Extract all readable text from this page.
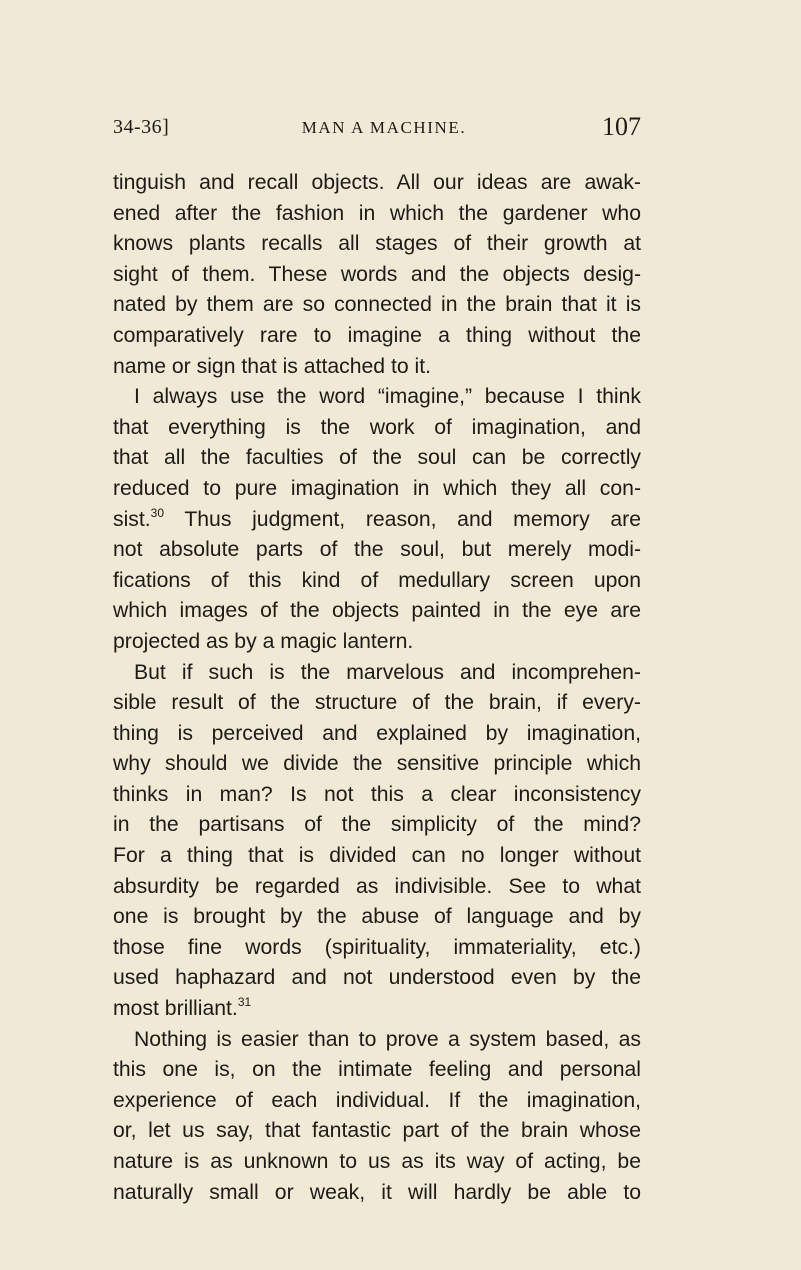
34-36]	MAN A MACHINE.	107
tinguish and recall objects. All our ideas are awak-
ened after the fashion in which the gardener who
knows plants recalls all stages of their growth at
sight of them. These words and the objects desig-
nated by them are so connected in the brain that it is
comparatively rare to imagine a thing without the
name or sign that is attached to it.
I always use the word “imagine,” because I think
that everything is the work of imagination, and
that all the faculties of the soul can be correctly
reduced to pure imagination in which they all con-
sist.$^{30}$ Thus judgment, reason, and memory are
not absolute parts of the soul, but merely modi-
fications of this kind of medullary screen upon
which images of the objects painted in the eye are
projected as by a magic lantern.
But if such is the marvelous and incomprehen-
sible result of the structure of the brain, if every-
thing is perceived and explained by imagination,
why should we divide the sensitive principle which
thinks in man? Is not this a clear inconsistency
in the partisans of the simplicity of the mind?
For a thing that is divided can no longer without
absurdity be regarded as indivisible. See to what
one is brought by the abuse of language and by
those fine words (spirituality, immateriality, etc.)
used haphazard and not understood even by the
most brilliant.$^{31}$
Nothing is easier than to prove a system based, as
this one is, on the intimate feeling and personal
experience of each individual. If the imagination,
or, let us say, that fantastic part of the brain whose
nature is as unknown to us as its way of acting, be
naturally small or weak, it will hardly be able to
